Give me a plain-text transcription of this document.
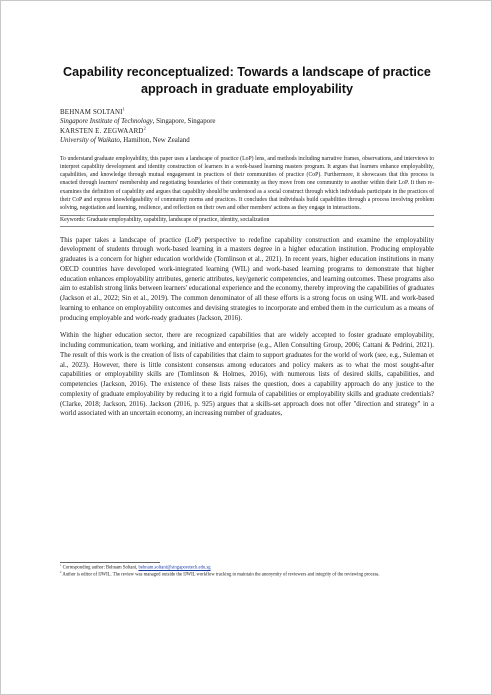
Capability reconceptualized: Towards a landscape of practice approach in graduate employability
BEHNAM SOLTANI$^1$
Singapore Institute of Technology, Singapore, Singapore
KARSTEN E. ZEGWAARD$^2$
University of Waikato, Hamilton, New Zealand
To understand graduate employability, this paper uses a landscape of practice (LoP) lens, and methods including narrative frames, observations, and interviews to interpret capability development and identity construction of learners in a work-based learning masters program. It argues that learners enhance employability, capabilities, and knowledge through mutual engagement in practices of their communities of practice (CoP). Furthermore, it showcases that this process is enacted through learners' membership and negotiating boundaries of their community as they move from one community to another within their LoP. It then re-examines the definition of capability and argues that capability should be understood as a social construct through which individuals participate in the practices of their CoP and express knowledgeability of community norms and practices. It concludes that individuals build capabilities through a process involving problem solving, negotiation and learning, resilience, and reflection on their own and other members' actions as they engage in interactions.
Keywords: Graduate employability, capability, landscape of practice, identity, socialization

This paper takes a landscape of practice (LoP) perspective to redefine capability construction and examine the employability development of students through work-based learning in a masters degree in a higher education institution. Producing employable graduates is a concern for higher education worldwide (Tomlinson et al., 2021). In recent years, higher education institutions in many OECD countries have developed work-integrated learning (WIL) and work-based learning programs to demonstrate that higher education enhances employability attributes, generic attributes, key/generic competencies, and learning outcomes. These programs also aim to establish strong links between learners' educational experience and the economy, thereby improving the capabilities of graduates (Jackson et al., 2022; Sin et al., 2019). The common denominator of all these efforts is a strong focus on using WIL and work-based learning to enhance on employability outcomes and devising strategies to incorporate and embed them in the curriculum as a means of producing employable and work-ready graduates (Jackson, 2016).

Within the higher education sector, there are recognized capabilities that are widely accepted to foster graduate employability, including communication, team working, and initiative and enterprise (e.g., Allen Consulting Group, 2006; Cattani & Pedrini, 2021). The result of this work is the creation of lists of capabilities that claim to support graduates for the world of work (see, e.g., Suleman et al., 2023). However, there is little consistent consensus among educators and policy makers as to what the most sought-after capabilities or employability skills are (Tomlinson & Holmes, 2016), with numerous lists of desired skills, capabilities, and competencies (Jackson, 2016). The existence of these lists raises the question, does a capability approach do any justice to the complexity of graduate employability by reducing it to a rigid formula of capabilities or employability skills and graduate credentials? (Clarke, 2018; Jackson, 2016). Jackson (2016, p. 925) argues that a skills-set approach does not offer "direction and strategy" in a world associated with an uncertain economy, an increasing number of graduates,

$^1$ Corresponding author: Behnam Soltani, behnam.soltani@singaporetech.edu.sg
$^2$ Author is editor of IJWIL. The review was managed outside the IJWIL workflow tracking to maintain the anonymity of reviewers and integrity of the reviewing process.
